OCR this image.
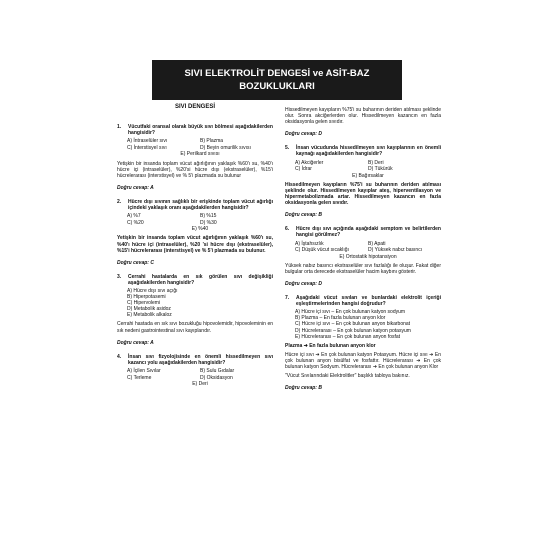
SIVI ELEKTROLİT DENGESİ ve ASİT-BAZ
BOZUKLUKLARI
SIVI DENGESİ
1.	Vücutfaki oransal olarak büyük sıvı bölmesi aşağıdakilerden hangisidir?
A) İntraselüler sıvı	B) Plazma
C) İnterstisyel sıvı	D) Beyin omurilik sıvısı
E) Perilkard sıvısı
Yetişkin bir insanda toplam vücut ağırlığının yaklaşık %60'ı su, %40'ı hücre içi (intraselüler), %20'si hücre dışı (ekstraselüler), %15'i hücrelerarası (interstisyel) ve % 5'i plazmada su bulunur
Doğru cevap: A
2.	Hücre dışı sıvının sağlıklı bir erişkinde toplam vücut ağırlığı içindeki yaklaşık oranı aşağıdakilerden hangisidir?
A) %7	B) %15
C) %20	D) %30
E) %40
Yetişkin bir insanda toplam vücut ağırlığının yaklaşık %60'ı su, %40'ı hücre içi (intraselüler), %20 'si hücre dışı (ekstraselüler), %15'i hücrelerarası (interstisyel) ve % 5'i plazmada su bulunur.
Doğru cevap: C
3.	Cerrahi hastalarda en sık görülen sıvı değişikliği aşağıdakilerden hangisidir?
A) Hücre dışı sıvı açığı
B) Hiperpotasemi
C) Hipervolemi
D) Metabolik asidoz
E) Metabolik alkaloz
Cerrahi hastada en sık sıvı bozukluğu hipovolemidir, hipovoleminin en sık nedeni gastrointestinal sıvı kayıplarıdır.
Doğru cevap: A
4.	İnsan sıvı fizyolojisinde en önemli hissedilmeyen sıvı kazancı yolu aşağıdakilerden hangisidir?
A) İçilen Sıvılar	B) Sulu Gıdalar
C) Terleme	D) Oksidasyon
E) Deri
Hissedilmeyen kayıpların %75'i su buharının deriden atılması şeklinde olur. Sonra akciğerlerden olur. Hissedilmeyen kazancın en fazla oksidasyonla gelen sıvıdır.
Doğru cevap: D
5.	İnsan vücudunda hissedilmeyen sıvı kayıplarının en önemli kaynağı aşağıdakilerden hangisidir?
A) Akciğerler	B) Deri
C) İdrar	D) Tükürük
E) Bağırsaklar
Hissedilmeyen kayıpların %75'i su buharının deriden atılması şeklinde olur. Hissedilmeyen kayıplar ateş, hiperventilasyon ve hipermetabolizmada artar. Hissedilmeyen kazancın en fazla oksidasyonla gelen sıvıdır.
Doğru cevap: B
6.	Hücre dışı sıvı açığında aşağıdaki semptom ve belirtilerden hangisi görülmez?
A) İştahsızlık	B) Apati
C) Düşük vücut sıcaklığı	D) Yüksek nabız basıncı
E) Ortostatik hipotansiyon
Yüksek nabız basıncı ekstraselüler sıvı fazlalığı ile oluşur. Fakat diğer bulgular orta derecede ekstraselüler hacim kaybını gösterir.
Doğru cevap: D
7.	Aşağıdaki vücut sıvıları ve bunlardaki elektrolit içeriği eşleştirmelerinden hangisi doğrudur?
A) Hücre içi sıvı – En çok bulunan katyon sodyum
B) Plazma – En fazla bulunan anyon klor
C) Hücre içi sıvı – En çok bulunan anyon bikarbonat
D) Hücrelerarası – En çok bulunan katyon potasyum
E) Hücrelerarası – En çok bulunan anyon fosfat
Plazma ➜ En fazla bulunan anyon klor
Hücre içi sıvı ➜ En çok bulunan katyon Potasyum. Hücre içi sıvı ➜ En çok bulunan anyon bisülfat ve fosfattır. Hücrelerarası ➜ En çok bulunan katyon Sodyum. Hücrelerarası ➜ En çok bulunan anyon Klor
"Vücut Sıvılarındaki Elektrolitler" başlıklı tabloya bakınız.
Doğru cevap: B
